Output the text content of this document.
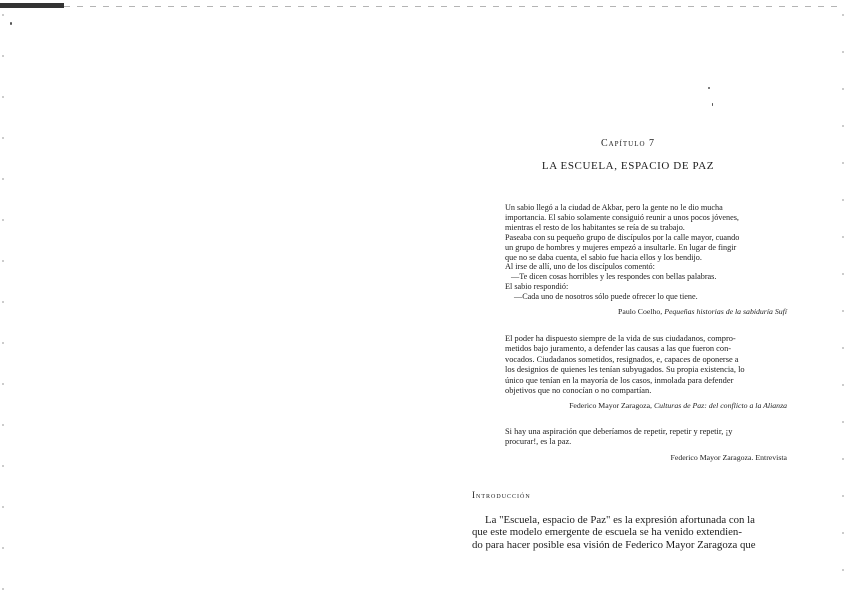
Capítulo 7
LA ESCUELA, ESPACIO DE PAZ

Un sabio llegó a la ciudad de Akbar, pero la gente no le dio mucha

importancia. El sabio solamente consiguió reunir a unos pocos jóvenes,

mientras el resto de los habitantes se reía de su trabajo.

Paseaba con su pequeño grupo de discípulos por la calle mayor, cuando

un grupo de hombres y mujeres empezó a insultarle. En lugar de fingir

que no se daba cuenta, el sabio fue hacia ellos y los bendijo.

Al irse de allí, uno de los discípulos comentó:

—Te dicen cosas horribles y les respondes con bellas palabras.

El sabio respondió:

—Cada uno de nosotros sólo puede ofrecer lo que tiene.

Paulo Coelho, Pequeñas historias de la sabiduría Sufí

El poder ha dispuesto siempre de la vida de sus ciudadanos, compro-

metidos bajo juramento, a defender las causas a las que fueron con-

vocados. Ciudadanos sometidos, resignados, e, capaces de oponerse a

los designios de quienes les tenían subyugados. Su propia existencia, lo

único que tenían en la mayoría de los casos, inmolada para defender

objetivos que no conocían o no compartían.

Federico Mayor Zaragoza, Culturas de Paz: del conflicto a la Alianza

Si hay una aspiración que deberíamos de repetir, repetir y repetir, ¡y

procurar!, es la paz.

Federico Mayor Zaragoza. Entrevista
Introducción
La "Escuela, espacio de Paz" es la expresión afortunada con la
que este modelo emergente de escuela se ha venido extendien-
do para hacer posible esa visión de Federico Mayor Zaragoza que
